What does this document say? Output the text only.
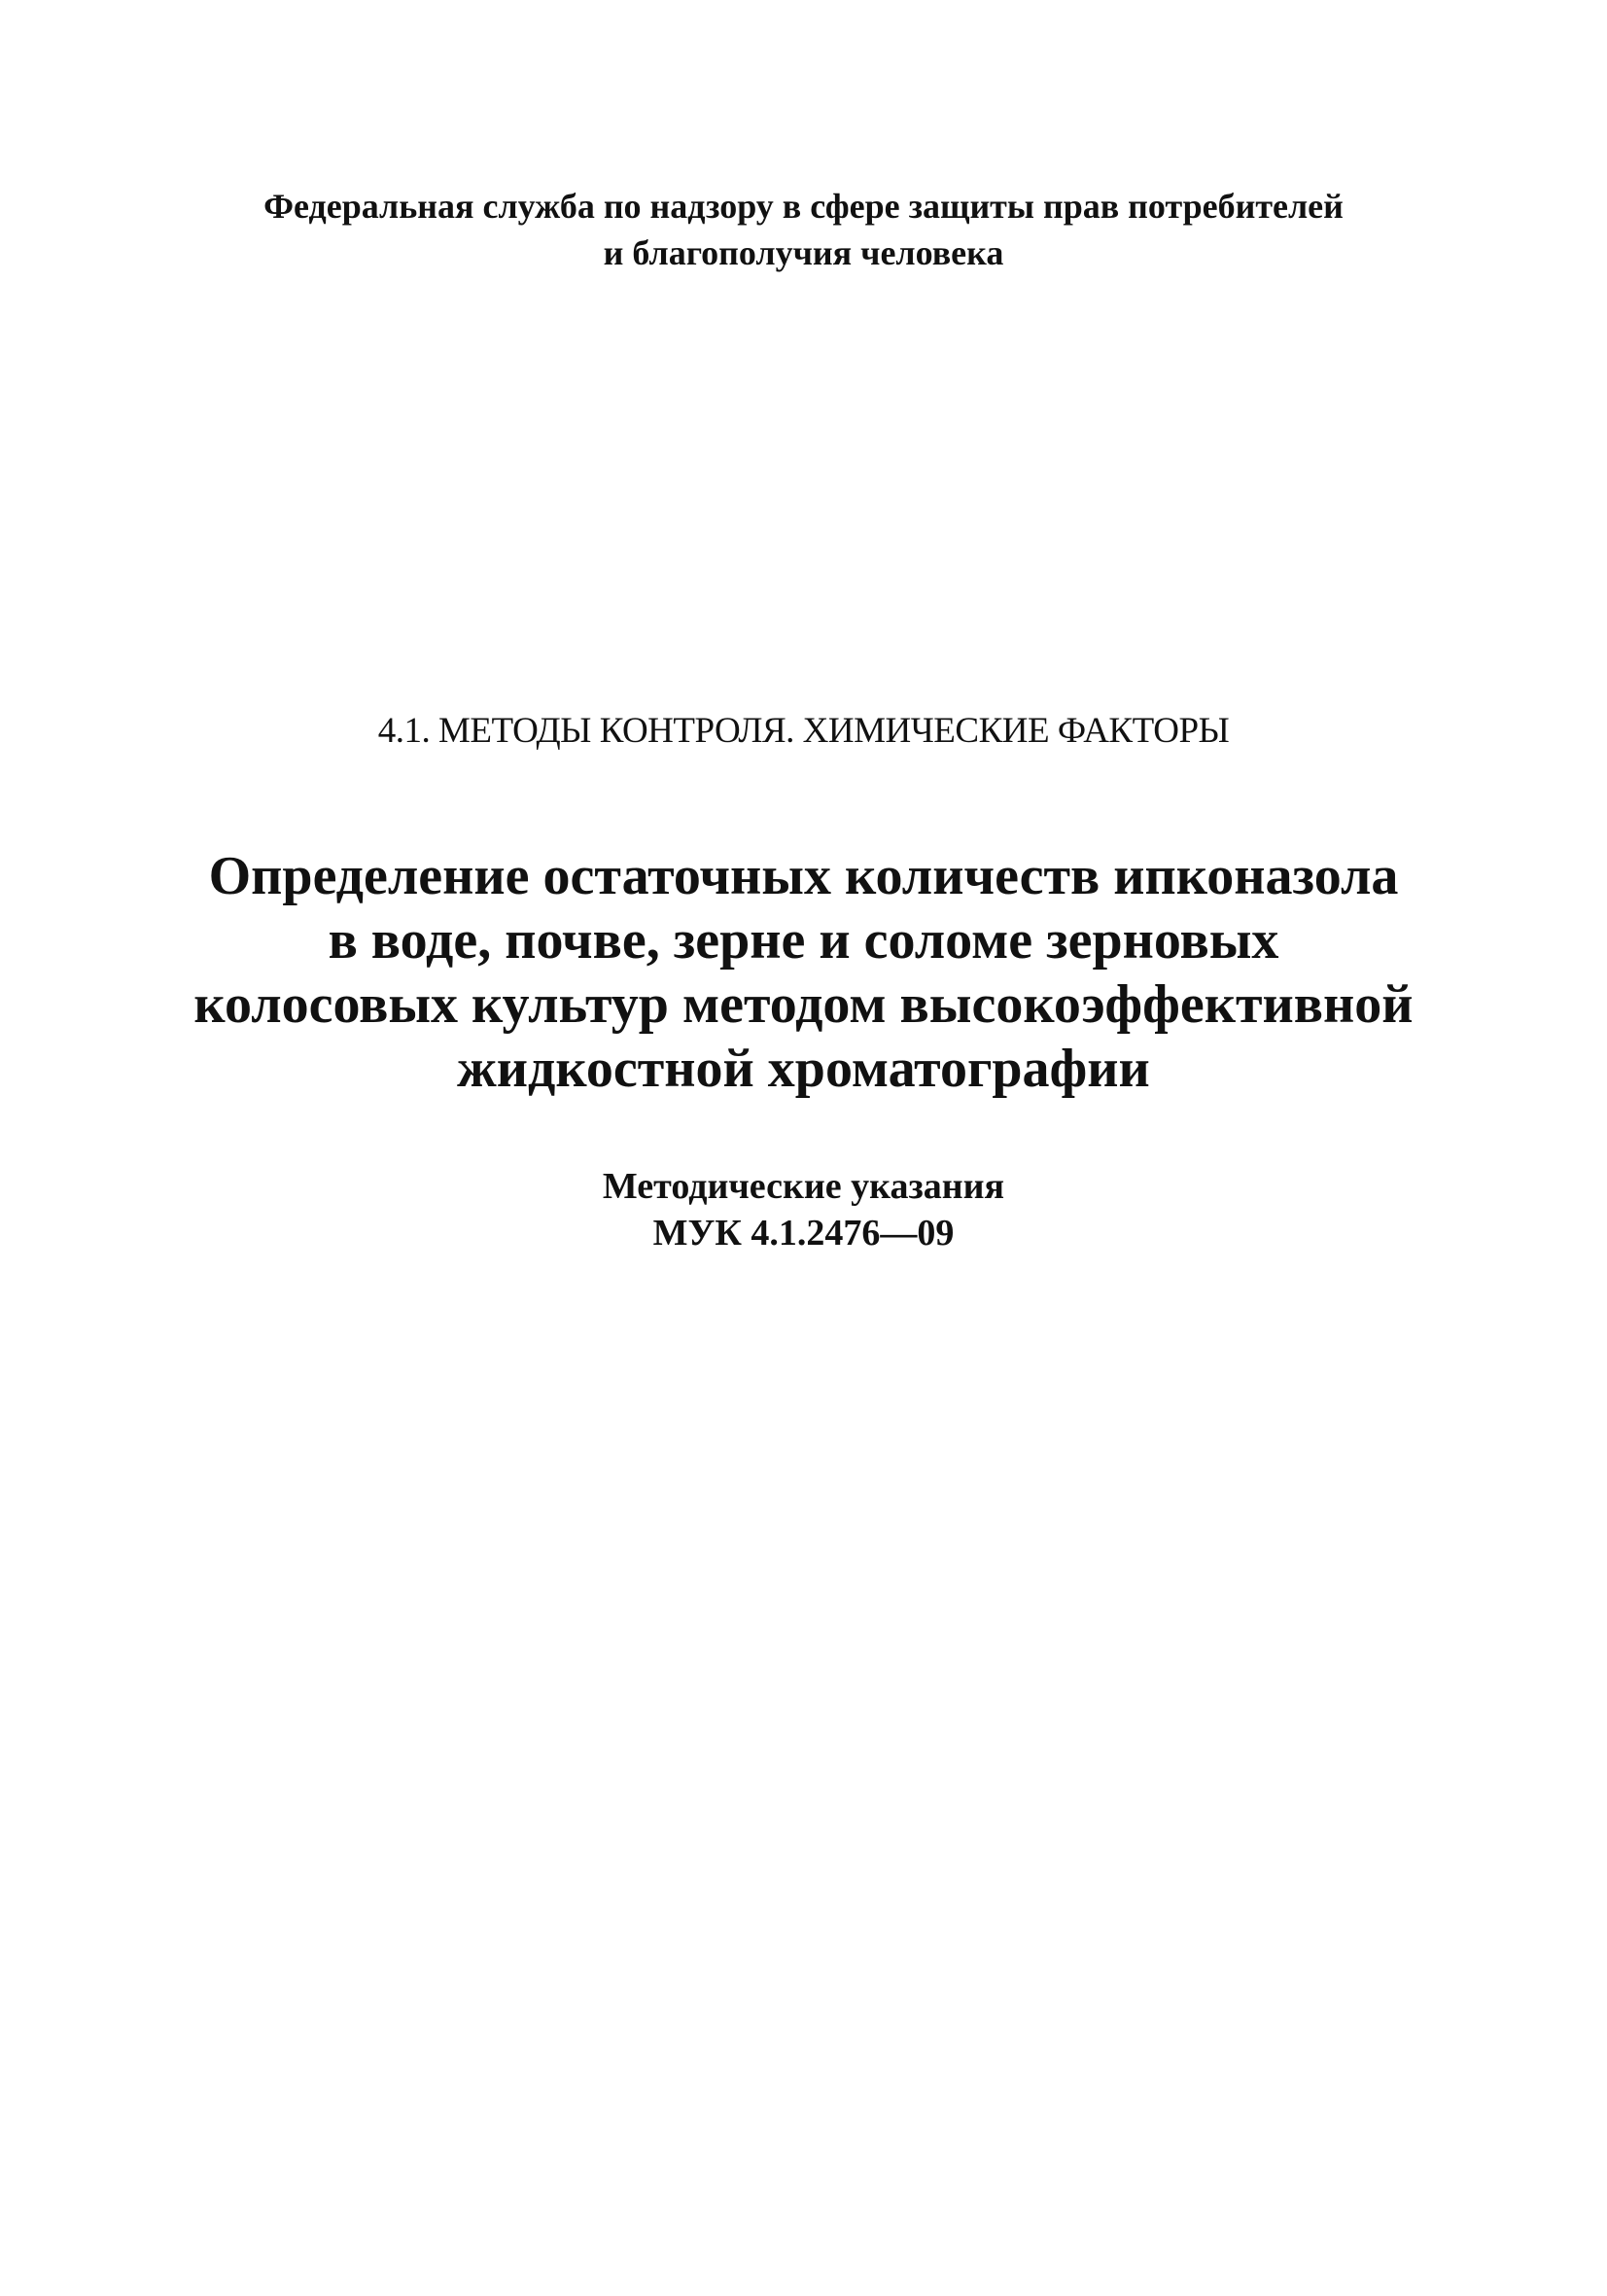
Федеральная служба по надзору в сфере защиты прав потребителей
и благополучия человека
4.1. МЕТОДЫ КОНТРОЛЯ. ХИМИЧЕСКИЕ ФАКТОРЫ
Определение остаточных количеств ипконазола
в воде, почве, зерне и соломе зерновых
колосовых культур методом высокоэффективной
жидкостной хроматографии
Методические указания
МУК 4.1.2476—09
